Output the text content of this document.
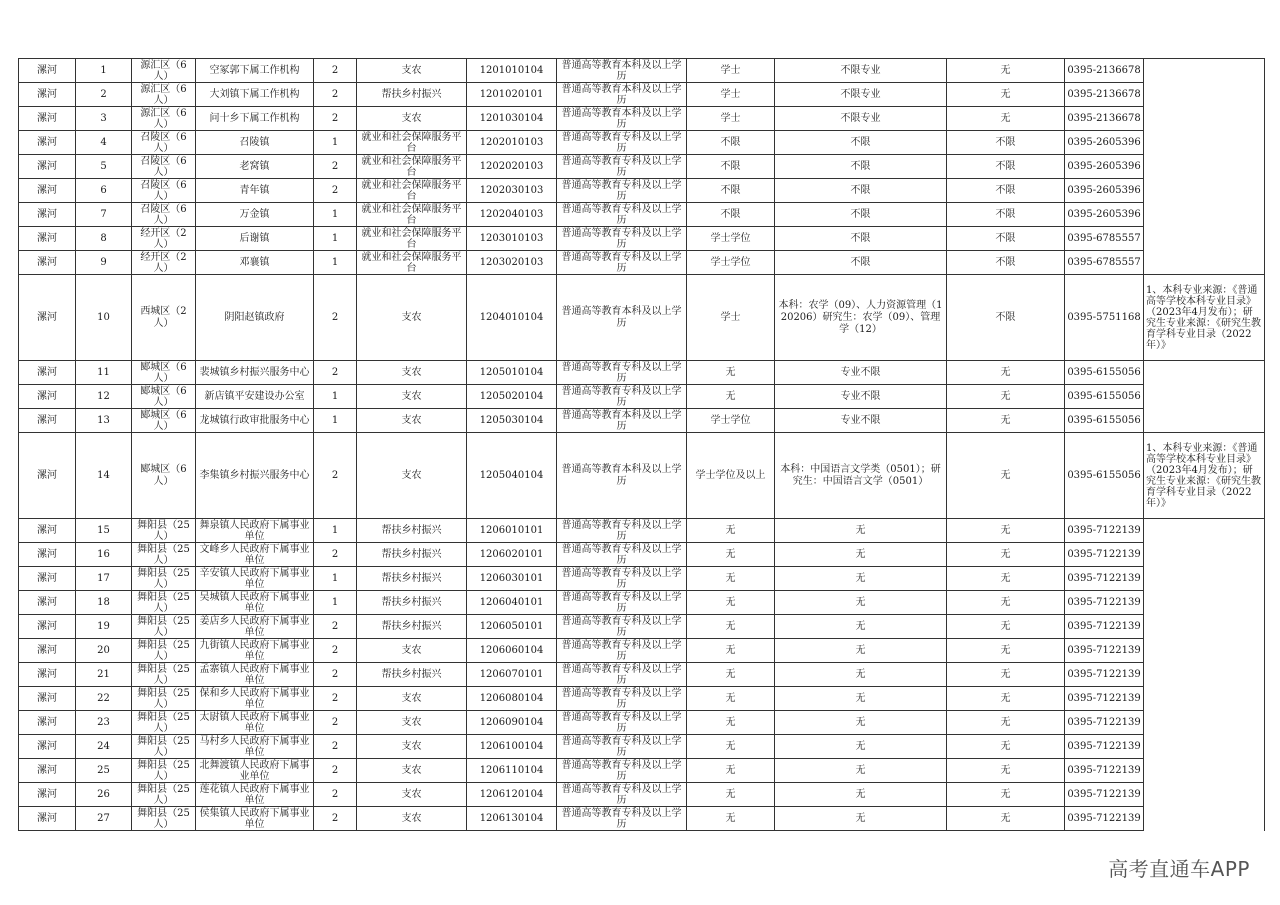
漯河	1	源汇区（6人）	空冢郭下属工作机构	2	支农	1201010104	普通高等教育本科及以上学历	学士	不限专业	无	0395-2136678	
漯河	2	源汇区（6人）	大刘镇下属工作机构	2	帮扶乡村振兴	1201020101	普通高等教育本科及以上学历	学士	不限专业	无	0395-2136678	
漯河	3	源汇区（6人）	问十乡下属工作机构	2	支农	1201030104	普通高等教育本科及以上学历	学士	不限专业	无	0395-2136678	
漯河	4	召陵区（6人）	召陵镇	1	就业和社会保障服务平台	1202010103	普通高等教育专科及以上学历	不限	不限	不限	0395-2605396	
漯河	5	召陵区（6人）	老窝镇	2	就业和社会保障服务平台	1202020103	普通高等教育专科及以上学历	不限	不限	不限	0395-2605396	
漯河	6	召陵区（6人）	青年镇	2	就业和社会保障服务平台	1202030103	普通高等教育专科及以上学历	不限	不限	不限	0395-2605396	
漯河	7	召陵区（6人）	万金镇	1	就业和社会保障服务平台	1202040103	普通高等教育专科及以上学历	不限	不限	不限	0395-2605396	
漯河	8	经开区（2人）	后谢镇	1	就业和社会保障服务平台	1203010103	普通高等教育专科及以上学历	学士学位	不限	不限	0395-6785557	
漯河	9	经开区（2人）	邓襄镇	1	就业和社会保障服务平台	1203020103	普通高等教育专科及以上学历	学士学位	不限	不限	0395-6785557	
漯河	10	西城区（2人）	阴阳赵镇政府	2	支农	1204010104	普通高等教育本科及以上学历	学士	本科：农学（09）、人力资源管理（120206）研究生：农学（09）、管理学（12）	不限	0395-5751168	1、本科专业来源：《普通高等学校本科专业目录》（2023年4月发布）；研究生专业来源：《研究生教育学科专业目录（2022年）》
漯河	11	郾城区（6人）	裴城镇乡村振兴服务中心	2	支农	1205010104	普通高等教育专科及以上学历	无	专业不限	无	0395-6155056	
漯河	12	郾城区（6人）	新店镇平安建设办公室	1	支农	1205020104	普通高等教育专科及以上学历	无	专业不限	无	0395-6155056	
漯河	13	郾城区（6人）	龙城镇行政审批服务中心	1	支农	1205030104	普通高等教育本科及以上学历	学士学位	专业不限	无	0395-6155056	
漯河	14	郾城区（6人）	李集镇乡村振兴服务中心	2	支农	1205040104	普通高等教育本科及以上学历	学士学位及以上	本科：中国语言文学类（0501）；研究生：中国语言文学（0501）	无	0395-6155056	1、本科专业来源：《普通高等学校本科专业目录》（2023年4月发布）；研究生专业来源：《研究生教育学科专业目录（2022年）》
漯河	15	舞阳县（25人）	舞泉镇人民政府下属事业单位	1	帮扶乡村振兴	1206010101	普通高等教育专科及以上学历	无	无	无	0395-7122139	
漯河	16	舞阳县（25人）	文峰乡人民政府下属事业单位	2	帮扶乡村振兴	1206020101	普通高等教育专科及以上学历	无	无	无	0395-7122139	
漯河	17	舞阳县（25人）	辛安镇人民政府下属事业单位	1	帮扶乡村振兴	1206030101	普通高等教育专科及以上学历	无	无	无	0395-7122139	
漯河	18	舞阳县（25人）	吴城镇人民政府下属事业单位	1	帮扶乡村振兴	1206040101	普通高等教育专科及以上学历	无	无	无	0395-7122139	
漯河	19	舞阳县（25人）	姜店乡人民政府下属事业单位	2	帮扶乡村振兴	1206050101	普通高等教育专科及以上学历	无	无	无	0395-7122139	
漯河	20	舞阳县（25人）	九街镇人民政府下属事业单位	2	支农	1206060104	普通高等教育专科及以上学历	无	无	无	0395-7122139	
漯河	21	舞阳县（25人）	孟寨镇人民政府下属事业单位	2	帮扶乡村振兴	1206070101	普通高等教育专科及以上学历	无	无	无	0395-7122139	
漯河	22	舞阳县（25人）	保和乡人民政府下属事业单位	2	支农	1206080104	普通高等教育专科及以上学历	无	无	无	0395-7122139	
漯河	23	舞阳县（25人）	太尉镇人民政府下属事业单位	2	支农	1206090104	普通高等教育专科及以上学历	无	无	无	0395-7122139	
漯河	24	舞阳县（25人）	马村乡人民政府下属事业单位	2	支农	1206100104	普通高等教育专科及以上学历	无	无	无	0395-7122139	
漯河	25	舞阳县（25人）	北舞渡镇人民政府下属事业单位	2	支农	1206110104	普通高等教育专科及以上学历	无	无	无	0395-7122139	
漯河	26	舞阳县（25人）	莲花镇人民政府下属事业单位	2	支农	1206120104	普通高等教育专科及以上学历	无	无	无	0395-7122139	
漯河	27	舞阳县（25人）	侯集镇人民政府下属事业单位	2	支农	1206130104	普通高等教育专科及以上学历	无	无	无	0395-7122139	
高考直通车APP
